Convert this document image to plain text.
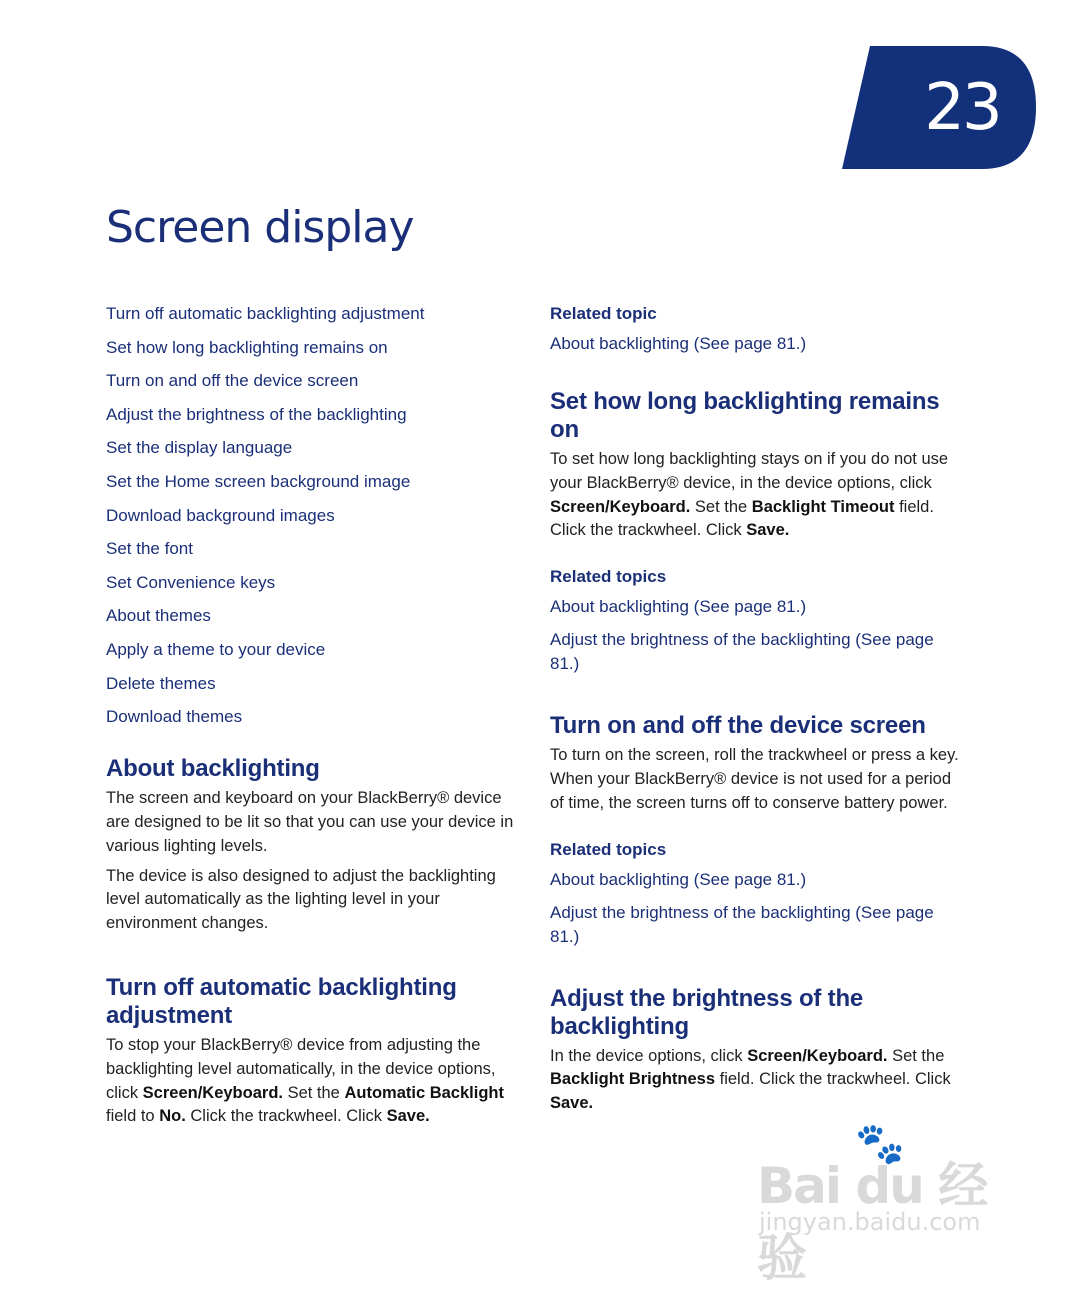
23
Screen display
Turn off automatic backlighting adjustment
Set how long backlighting remains on
Turn on and off the device screen
Adjust the brightness of the backlighting
Set the display language
Set the Home screen background image
Download background images
Set the font
Set Convenience keys
About themes
Apply a theme to your device
Delete themes
Download themes
About backlighting

The screen and keyboard on your BlackBerry® device are designed to be lit so that you can use your device in various lighting levels.

The device is also designed to adjust the backlighting level automatically as the lighting level in your environment changes.

Turn off automatic backlighting adjustment

To stop your BlackBerry® device from adjusting the backlighting level automatically, in the device options, click Screen/Keyboard. Set the Automatic Backlight field to No. Click the trackwheel. Click Save.

Related topic
About backlighting (See page 81.)
Set how long backlighting remains on

To set how long backlighting stays on if you do not use your BlackBerry® device, in the device options, click Screen/Keyboard. Set the Backlight Timeout field. Click the trackwheel. Click Save.

Related topics
About backlighting (See page 81.)
Adjust the brightness of the backlighting (See page 81.)
Turn on and off the device screen

To turn on the screen, roll the trackwheel or press a key. When your BlackBerry® device is not used for a period of time, the screen turns off to conserve battery power.

Related topics
About backlighting (See page 81.)
Adjust the brightness of the backlighting (See page 81.)
Adjust the brightness of the backlighting

In the device options, click Screen/Keyboard. Set the Backlight Brightness field. Click the trackwheel. Click Save.

🐾
Bai du 经验
jingyan.baidu.com
